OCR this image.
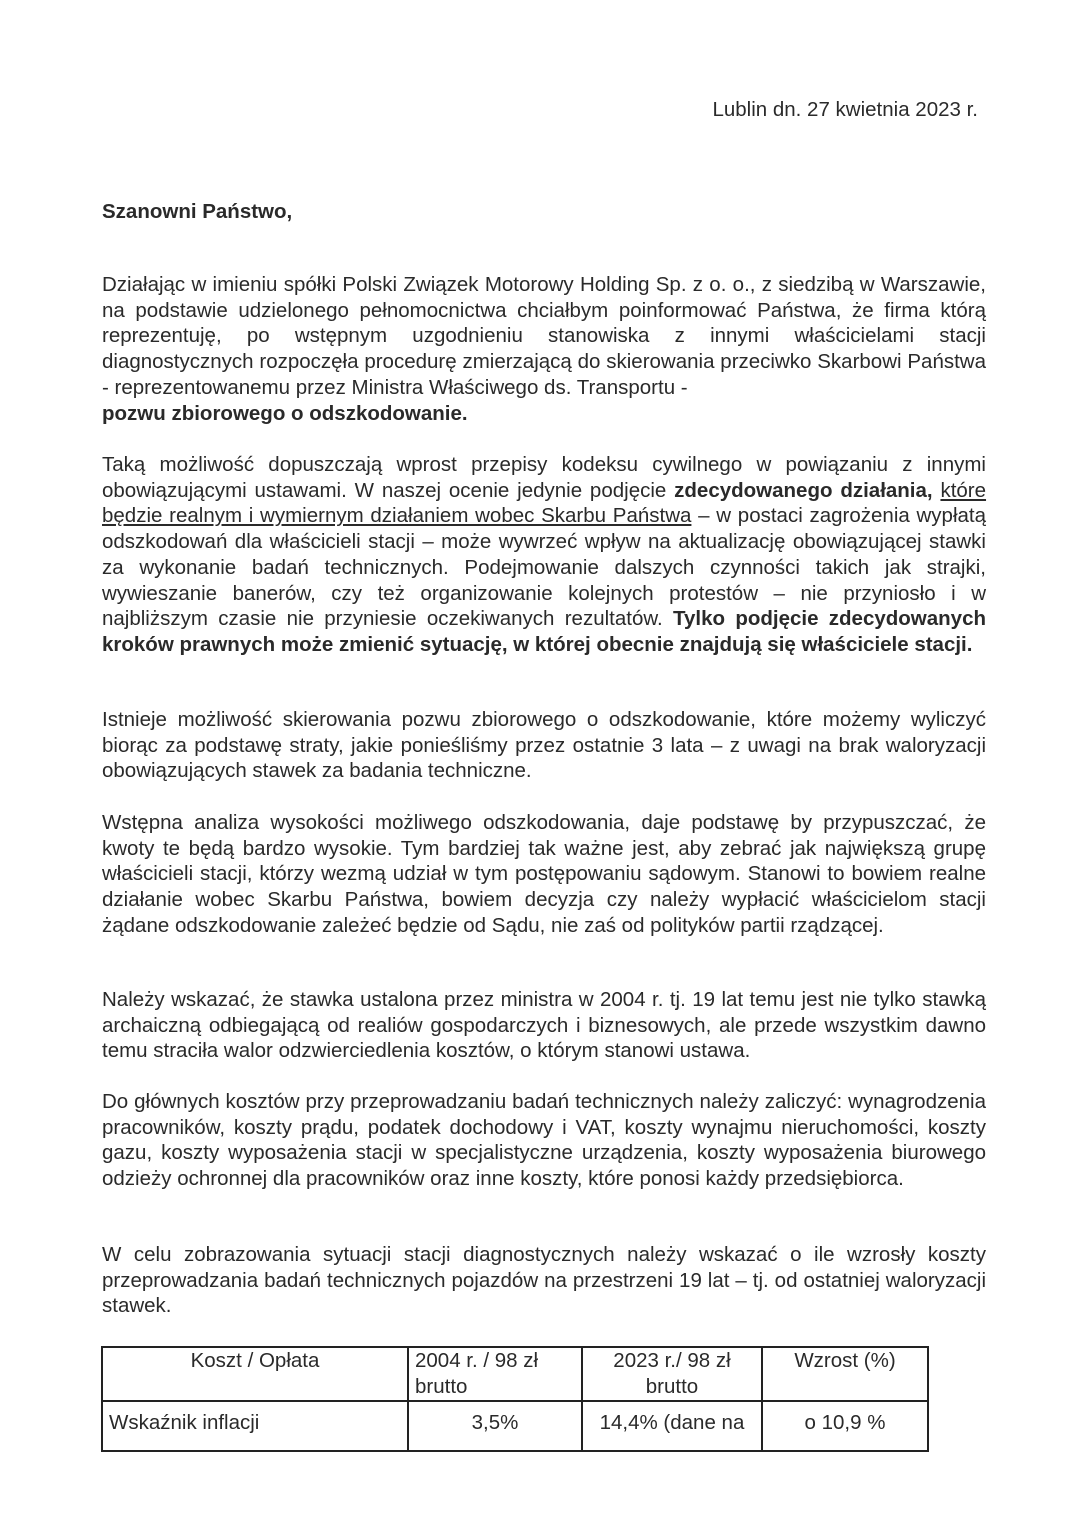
Lublin dn. 27 kwietnia 2023 r.
Szanowni Państwo,

Działając w imieniu spółki Polski Związek Motorowy Holding Sp. z o. o., z siedzibą w Warszawie, na podstawie udzielonego pełnomocnictwa chciałbym poinformować Państwa, że firma którą reprezentuję, po wstępnym uzgodnieniu stanowiska z innymi właścicielami stacji diagnostycznych rozpoczęła procedurę zmierzającą do skierowania przeciwko Skarbowi Państwa - reprezentowanemu przez Ministra Właściwego ds. Transportu -
pozwu zbiorowego o odszkodowanie.

Taką możliwość dopuszczają wprost przepisy kodeksu cywilnego w powiązaniu z innymi obowiązującymi ustawami. W naszej ocenie jedynie podjęcie zdecydowanego działania, które będzie realnym i wymiernym działaniem wobec Skarbu Państwa – w postaci zagrożenia wypłatą odszkodowań dla właścicieli stacji – może wywrzeć wpływ na aktualizację obowiązującej stawki za wykonanie badań technicznych. Podejmowanie dalszych czynności takich jak strajki, wywieszanie banerów, czy też organizowanie kolejnych protestów – nie przyniosło i w najbliższym czasie nie przyniesie oczekiwanych rezultatów. Tylko podjęcie zdecydowanych kroków prawnych może zmienić sytuację, w której obecnie znajdują się właściciele stacji.

Istnieje możliwość skierowania pozwu zbiorowego o odszkodowanie, które możemy wyliczyć biorąc za podstawę straty, jakie ponieśliśmy przez ostatnie 3 lata – z uwagi na brak waloryzacji obowiązujących stawek za badania techniczne.

Wstępna analiza wysokości możliwego odszkodowania, daje podstawę by przypuszczać, że kwoty te będą bardzo wysokie. Tym bardziej tak ważne jest, aby zebrać jak największą grupę właścicieli stacji, którzy wezmą udział w tym postępowaniu sądowym. Stanowi to bowiem realne działanie wobec Skarbu Państwa, bowiem decyzja czy należy wypłacić właścicielom stacji żądane odszkodowanie zależeć będzie od Sądu, nie zaś od polityków partii rządzącej.

Należy wskazać, że stawka ustalona przez ministra w 2004 r. tj. 19 lat temu jest nie tylko stawką archaiczną odbiegającą od realiów gospodarczych i biznesowych, ale przede wszystkim dawno temu straciła walor odzwierciedlenia kosztów, o którym stanowi ustawa.

Do głównych kosztów przy przeprowadzaniu badań technicznych należy zaliczyć: wynagrodzenia pracowników, koszty prądu, podatek dochodowy i VAT, koszty wynajmu nieruchomości, koszty gazu, koszty wyposażenia stacji w specjalistyczne urządzenia, koszty wyposażenia biurowego odzieży ochronnej dla pracowników oraz inne koszty, które ponosi każdy przedsiębiorca.

W celu zobrazowania sytuacji stacji diagnostycznych należy wskazać o ile wzrosły koszty przeprowadzania badań technicznych pojazdów na przestrzeni 19 lat – tj. od ostatniej waloryzacji stawek.

Koszt / Opłata	2004 r. / 98 zł brutto	2023 r./ 98 zł brutto	Wzrost (%)
Wskaźnik inflacji	3,5%	14,4% (dane na	o 10,9 %
